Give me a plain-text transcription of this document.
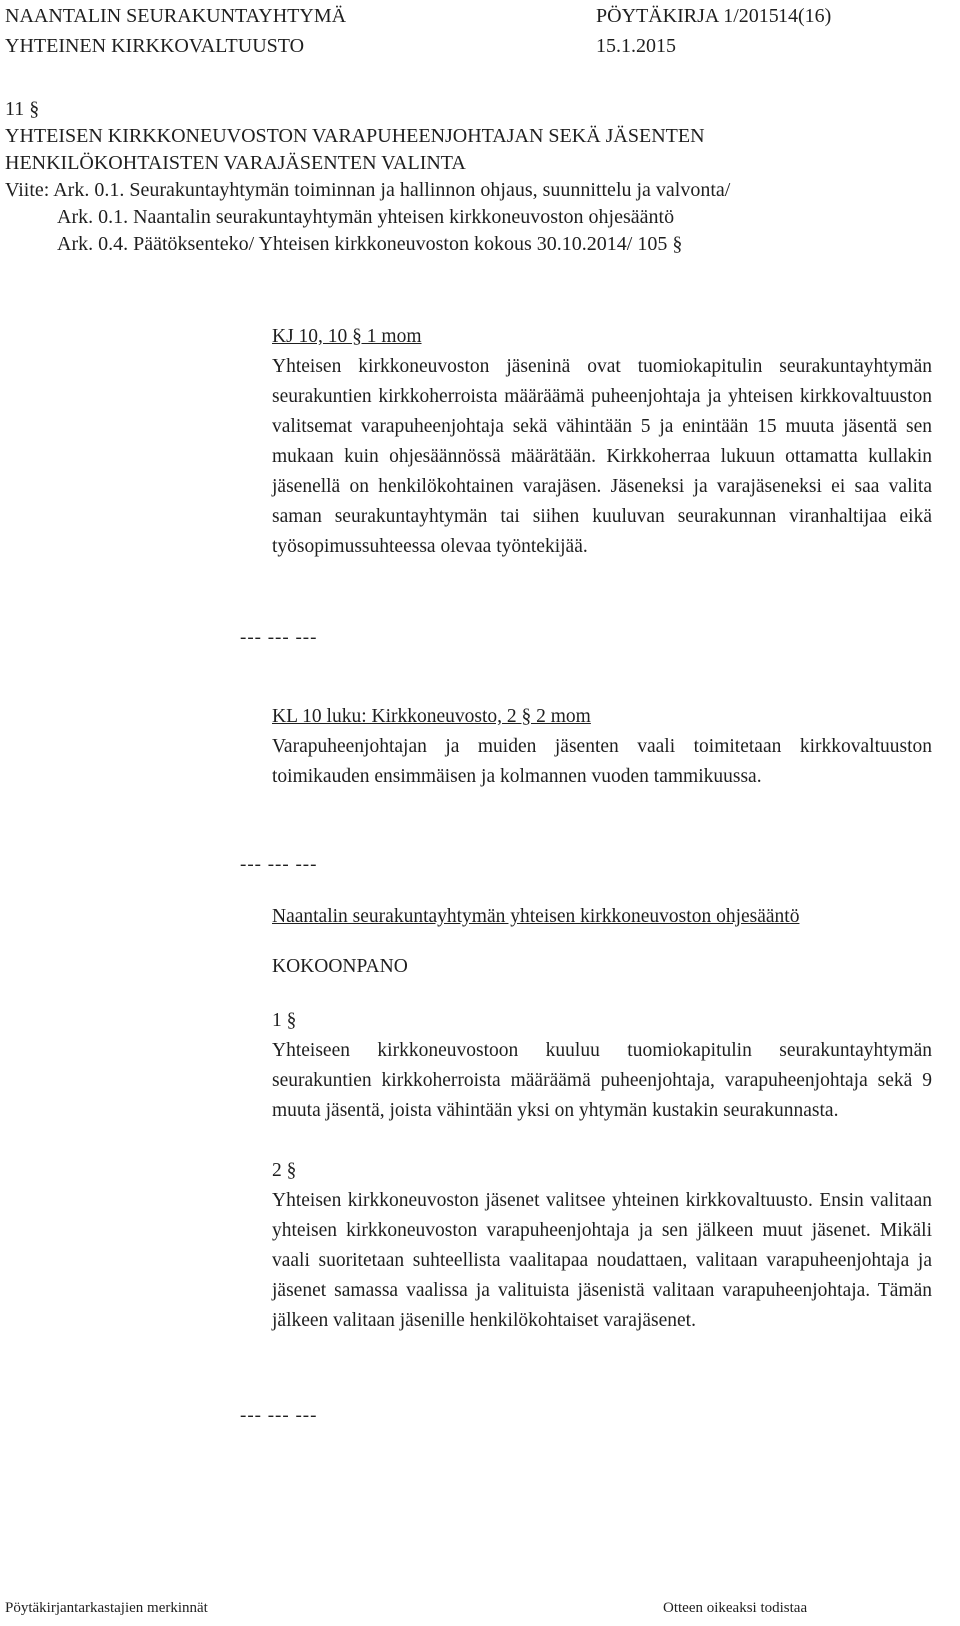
NAANTALIN SEURAKUNTAYHTYMÄ
YHTEINEN KIRKKOVALTUUSTO
PÖYTÄKIRJA 1/2015 14(16)
15.1.2015
11 §
YHTEISEN KIRKKONEUVOSTON VARAPUHEENJOHTAJAN SEKÄ JÄSENTEN
HENKILÖKOHTAISTEN VARAJÄSENTEN VALINTA
Viite: Ark. 0.1. Seurakuntayhtymän toiminnan ja hallinnon ohjaus, suunnittelu ja valvonta/
Ark. 0.1. Naantalin seurakuntayhtymän yhteisen kirkkoneuvoston ohjesääntö
Ark. 0.4. Päätöksenteko/ Yhteisen kirkkoneuvoston kokous 30.10.2014/ 105 §
KJ 10, 10 § 1 mom
Yhteisen kirkkoneuvoston jäseninä ovat tuomiokapitulin seurakuntayhtymän seurakuntien kirkkoherroista määräämä puheenjohtaja ja yhteisen kirkkovaltuuston valitsemat varapuheenjohtaja sekä vähintään 5 ja enintään 15 muuta jäsentä sen mukaan kuin ohjesäännössä määrätään. Kirkkoherraa lukuun ottamatta kullakin jäsenellä on henkilökohtainen varajäsen. Jäseneksi ja varajäseneksi ei saa valita saman seurakuntayhtymän tai siihen kuuluvan seurakunnan viranhaltijaa eikä työsopimussuhteessa olevaa työntekijää.
--- --- ---
KL 10 luku: Kirkkoneuvosto, 2 § 2 mom
Varapuheenjohtajan ja muiden jäsenten vaali toimitetaan kirkkovaltuuston toimikauden ensimmäisen ja kolmannen vuoden tammikuussa.
--- --- ---
Naantalin seurakuntayhtymän yhteisen kirkkoneuvoston ohjesääntö
KOKOONPANO
1 §
Yhteiseen kirkkoneuvostoon kuuluu tuomiokapitulin seurakuntayhtymän seurakuntien kirkkoherroista määräämä puheenjohtaja, varapuheenjohtaja sekä 9 muuta jäsentä, joista vähintään yksi on yhtymän kustakin seurakunnasta.
2 §
Yhteisen kirkkoneuvoston jäsenet valitsee yhteinen kirkkovaltuusto. Ensin valitaan yhteisen kirkkoneuvoston varapuheenjohtaja ja sen jälkeen muut jäsenet. Mikäli vaali suoritetaan suhteellista vaalitapaa noudattaen, valitaan varapuheenjohtaja ja jäsenet samassa vaalissa ja valituista jäsenistä valitaan varapuheenjohtaja. Tämän jälkeen valitaan jäsenille henkilökohtaiset varajäsenet.
--- --- ---
Pöytäkirjantarkastajien merkinnät	Otteen oikeaksi todistaa
